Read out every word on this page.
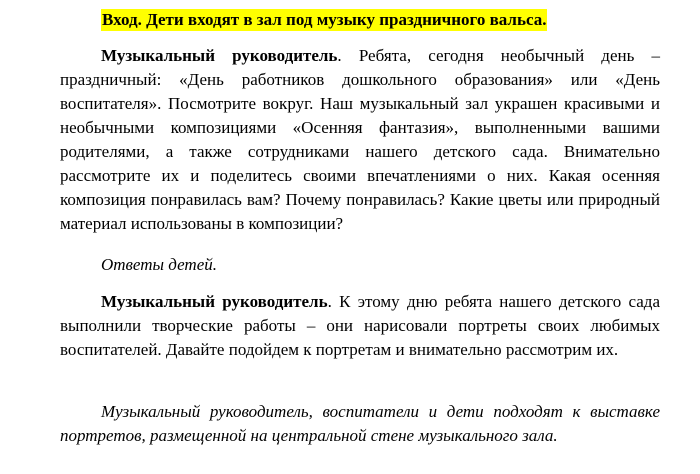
Вход. Дети входят в зал под музыку праздничного вальса.
Музыкальный руководитель. Ребята, сегодня необычный день – праздничный: «День работников дошкольного образования» или «День воспитателя». Посмотрите вокруг. Наш музыкальный зал украшен красивыми и необычными композициями «Осенняя фантазия», выполненными вашими родителями, а также сотрудниками нашего детского сада. Внимательно рассмотрите их и поделитесь своими впечатлениями о них. Какая осенняя композиция понравилась вам? Почему понравилась? Какие цветы или природный материал использованы в композиции?
Ответы детей.
Музыкальный руководитель. К этому дню ребята нашего детского сада выполнили творческие работы – они нарисовали портреты своих любимых воспитателей. Давайте подойдем к портретам и внимательно рассмотрим их.
Музыкальный руководитель, воспитатели и дети подходят к выставке портретов, размещенной на центральной стене музыкального зала.
